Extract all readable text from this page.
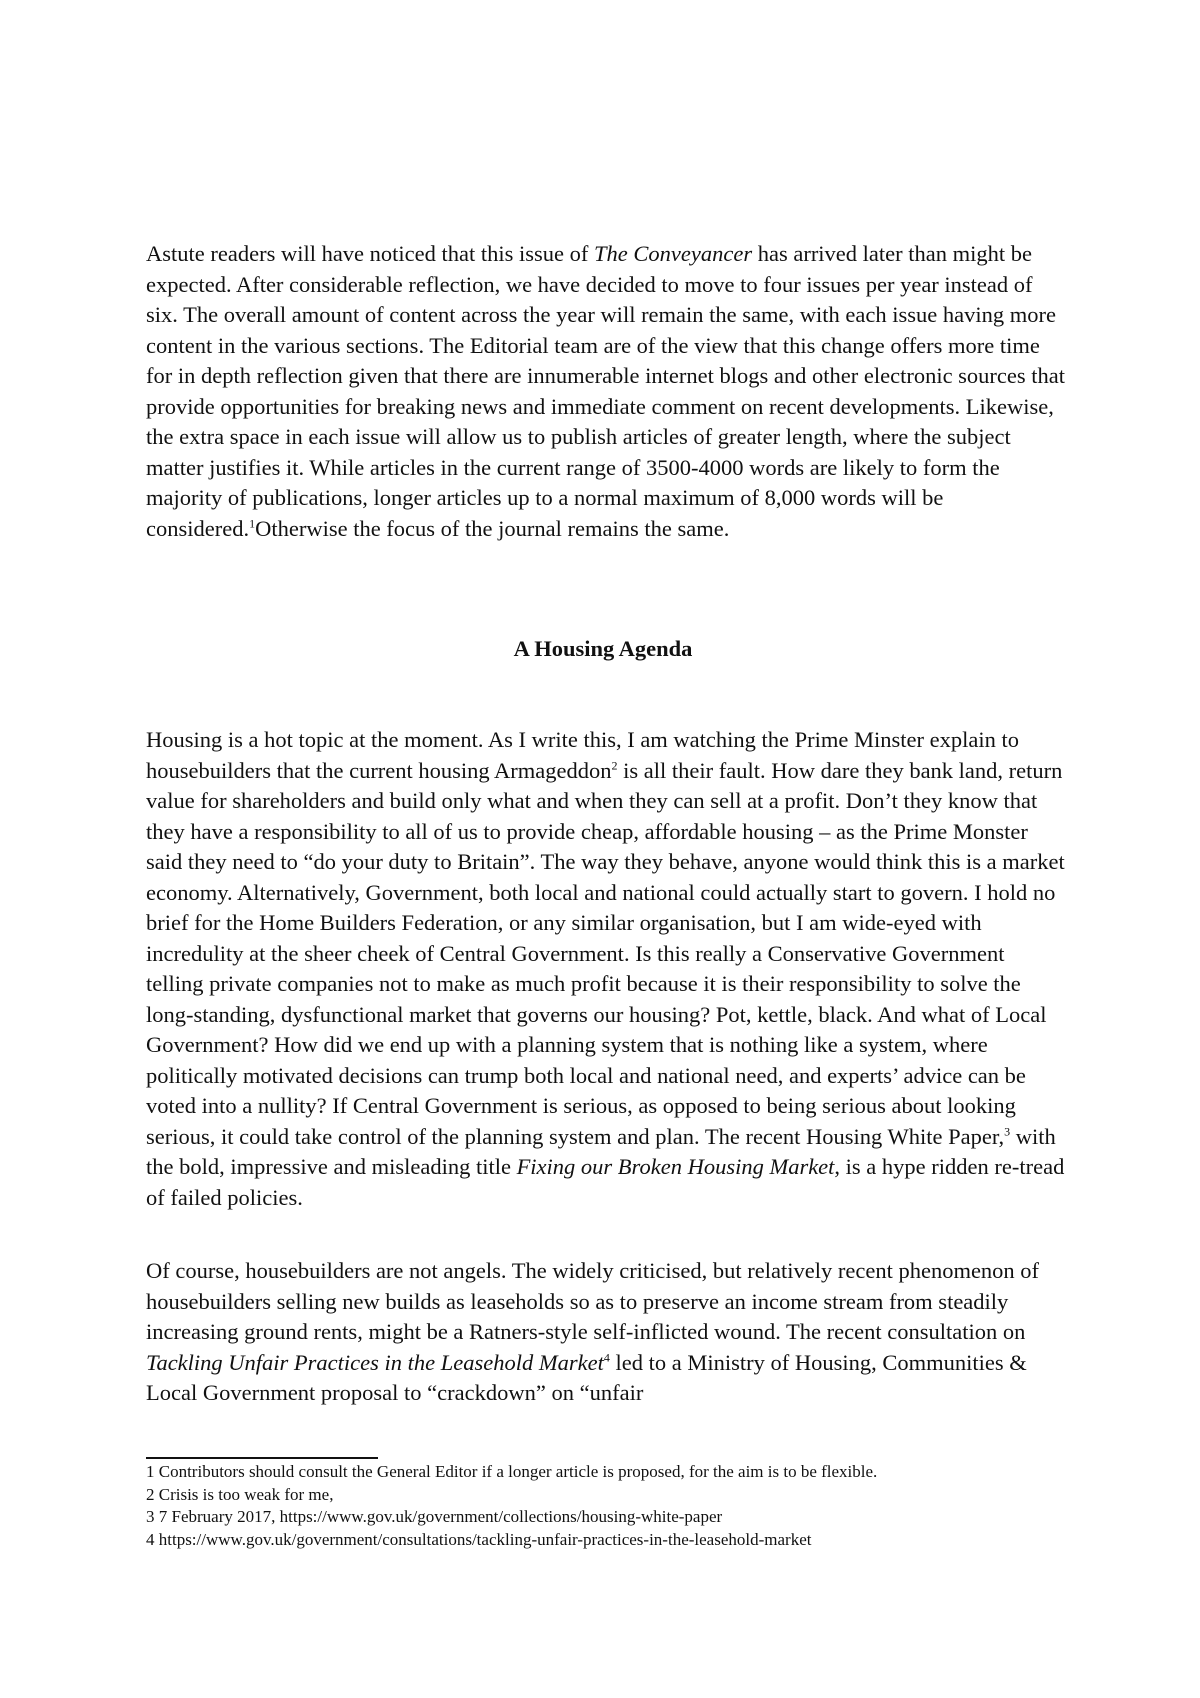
Astute readers will have noticed that this issue of The Conveyancer has arrived later than might be expected. After considerable reflection, we have decided to move to four issues per year instead of six. The overall amount of content across the year will remain the same, with each issue having more content in the various sections. The Editorial team are of the view that this change offers more time for in depth reflection given that there are innumerable internet blogs and other electronic sources that provide opportunities for breaking news and immediate comment on recent developments. Likewise, the extra space in each issue will allow us to publish articles of greater length, where the subject matter justifies it. While articles in the current range of 3500-4000 words are likely to form the majority of publications, longer articles up to a normal maximum of 8,000 words will be considered.$^1$Otherwise the focus of the journal remains the same.

A Housing Agenda

Housing is a hot topic at the moment. As I write this, I am watching the Prime Minster explain to housebuilders that the current housing Armageddon$^2$ is all their fault. How dare they bank land, return value for shareholders and build only what and when they can sell at a profit. Don’t they know that they have a responsibility to all of us to provide cheap, affordable housing – as the Prime Monster said they need to “do your duty to Britain”. The way they behave, anyone would think this is a market economy. Alternatively, Government, both local and national could actually start to govern. I hold no brief for the Home Builders Federation, or any similar organisation, but I am wide-eyed with incredulity at the sheer cheek of Central Government. Is this really a Conservative Government telling private companies not to make as much profit because it is their responsibility to solve the long-standing, dysfunctional market that governs our housing? Pot, kettle, black. And what of Local Government? How did we end up with a planning system that is nothing like a system, where politically motivated decisions can trump both local and national need, and experts’ advice can be voted into a nullity? If Central Government is serious, as opposed to being serious about looking serious, it could take control of the planning system and plan. The recent Housing White Paper,$^3$ with the bold, impressive and misleading title Fixing our Broken Housing Market, is a hype ridden re-tread of failed policies.

Of course, housebuilders are not angels. The widely criticised, but relatively recent phenomenon of housebuilders selling new builds as leaseholds so as to preserve an income stream from steadily increasing ground rents, might be a Ratners-style self-inflicted wound. The recent consultation on Tackling Unfair Practices in the Leasehold Market$^4$ led to a Ministry of Housing, Communities & Local Government proposal to “crackdown” on “unfair

1 Contributors should consult the General Editor if a longer article is proposed, for the aim is to be flexible.
2 Crisis is too weak for me,
3 7 February 2017, https://www.gov.uk/government/collections/housing-white-paper
4 https://www.gov.uk/government/consultations/tackling-unfair-practices-in-the-leasehold-market
